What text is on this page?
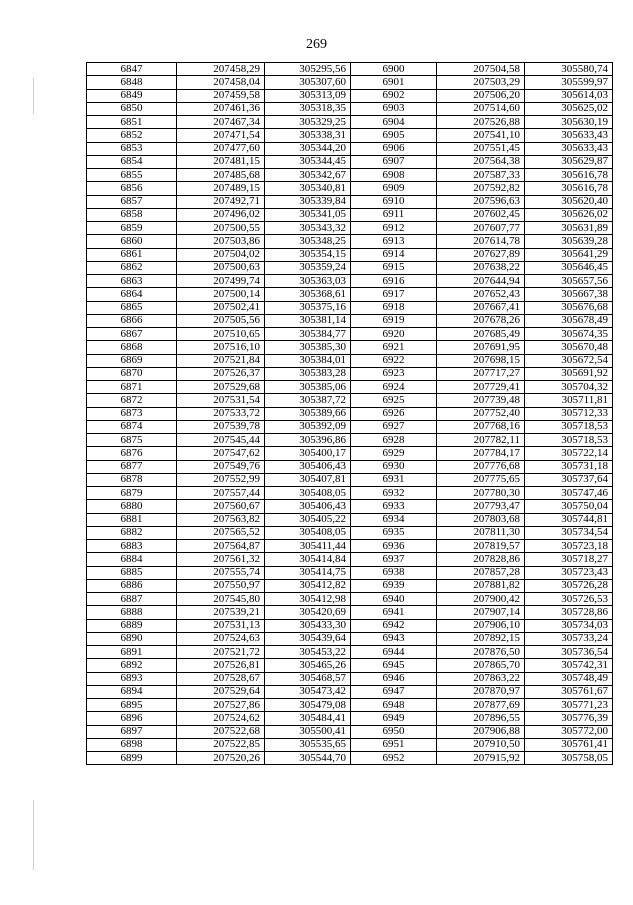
269
6847	207458,29	305295,56	6900	207504,58	305580,74
6848	207458,04	305307,60	6901	207503,29	305599,97
6849	207459,58	305313,09	6902	207506,20	305614,03
6850	207461,36	305318,35	6903	207514,60	305625,02
6851	207467,34	305329,25	6904	207526,88	305630,19
6852	207471,54	305338,31	6905	207541,10	305633,43
6853	207477,60	305344,20	6906	207551,45	305633,43
6854	207481,15	305344,45	6907	207564,38	305629,87
6855	207485,68	305342,67	6908	207587,33	305616,78
6856	207489,15	305340,81	6909	207592,82	305616,78
6857	207492,71	305339,84	6910	207596,63	305620,40
6858	207496,02	305341,05	6911	207602,45	305626,02
6859	207500,55	305343,32	6912	207607,77	305631,89
6860	207503,86	305348,25	6913	207614,78	305639,28
6861	207504,02	305354,15	6914	207627,89	305641,29
6862	207500,63	305359,24	6915	207638,22	305646,45
6863	207499,74	305363,03	6916	207644,94	305657,56
6864	207500,14	305368,61	6917	207652,43	305667,38
6865	207502,41	305375,16	6918	207667,41	305676,68
6866	207505,56	305381,14	6919	207678,26	305678,49
6867	207510,65	305384,77	6920	207685,49	305674,35
6868	207516,10	305385,30	6921	207691,95	305670,48
6869	207521,84	305384,01	6922	207698,15	305672,54
6870	207526,37	305383,28	6923	207717,27	305691,92
6871	207529,68	305385,06	6924	207729,41	305704,32
6872	207531,54	305387,72	6925	207739,48	305711,81
6873	207533,72	305389,66	6926	207752,40	305712,33
6874	207539,78	305392,09	6927	207768,16	305718,53
6875	207545,44	305396,86	6928	207782,11	305718,53
6876	207547,62	305400,17	6929	207784,17	305722,14
6877	207549,76	305406,43	6930	207776,68	305731,18
6878	207552,99	305407,81	6931	207775,65	305737,64
6879	207557,44	305408,05	6932	207780,30	305747,46
6880	207560,67	305406,43	6933	207793,47	305750,04
6881	207563,82	305405,22	6934	207803,68	305744,81
6882	207565,52	305408,05	6935	207811,30	305734,54
6883	207564,87	305411,44	6936	207819,57	305723,18
6884	207561,32	305414,84	6937	207828,86	305718,27
6885	207555,74	305414,75	6938	207857,28	305723,43
6886	207550,97	305412,82	6939	207881,82	305726,28
6887	207545,80	305412,98	6940	207900,42	305726,53
6888	207539,21	305420,69	6941	207907,14	305728,86
6889	207531,13	305433,30	6942	207906,10	305734,03
6890	207524,63	305439,64	6943	207892,15	305733,24
6891	207521,72	305453,22	6944	207876,50	305736,54
6892	207526,81	305465,26	6945	207865,70	305742,31
6893	207528,67	305468,57	6946	207863,22	305748,49
6894	207529,64	305473,42	6947	207870,97	305761,67
6895	207527,86	305479,08	6948	207877,69	305771,23
6896	207524,62	305484,41	6949	207896,55	305776,39
6897	207522,68	305500,41	6950	207906,88	305772,00
6898	207522,85	305535,65	6951	207910,50	305761,41
6899	207520,26	305544,70	6952	207915,92	305758,05
